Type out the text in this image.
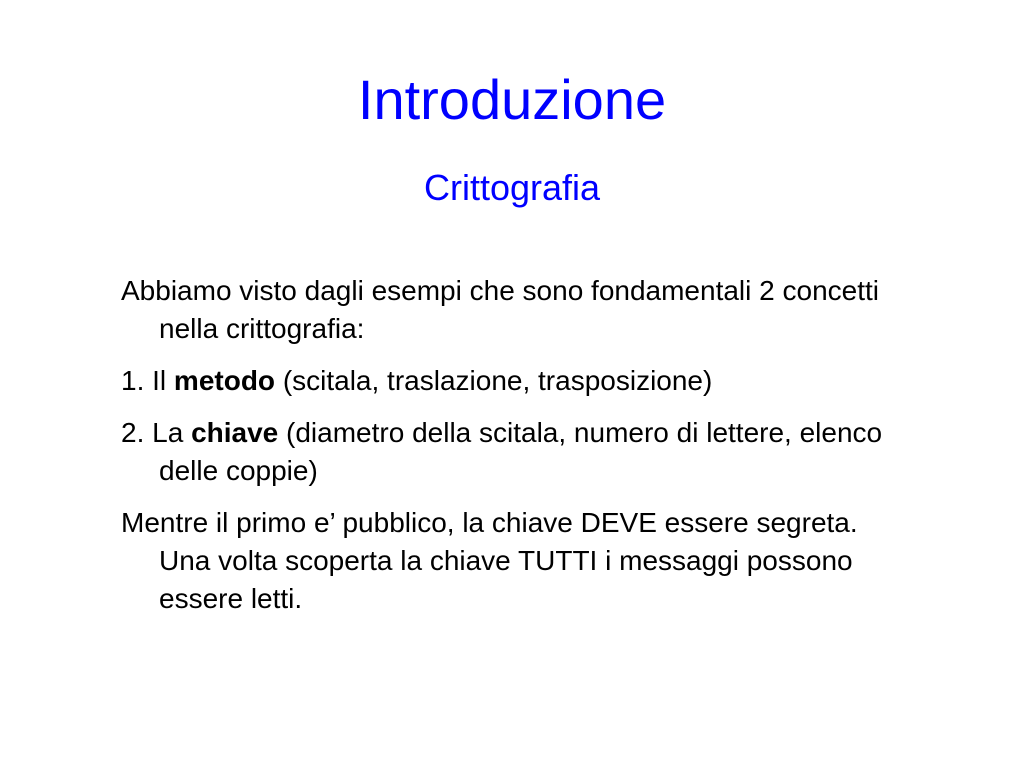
Introduzione
Crittografia

Abbiamo visto dagli esempi che sono fondamentali 2 concetti nella crittografia:

1. Il metodo (scitala, traslazione, trasposizione)

2. La chiave (diametro della scitala, numero di lettere, elenco delle coppie)

Mentre il primo e’ pubblico, la chiave DEVE essere segreta. Una volta scoperta la chiave TUTTI i messaggi possono essere letti.
